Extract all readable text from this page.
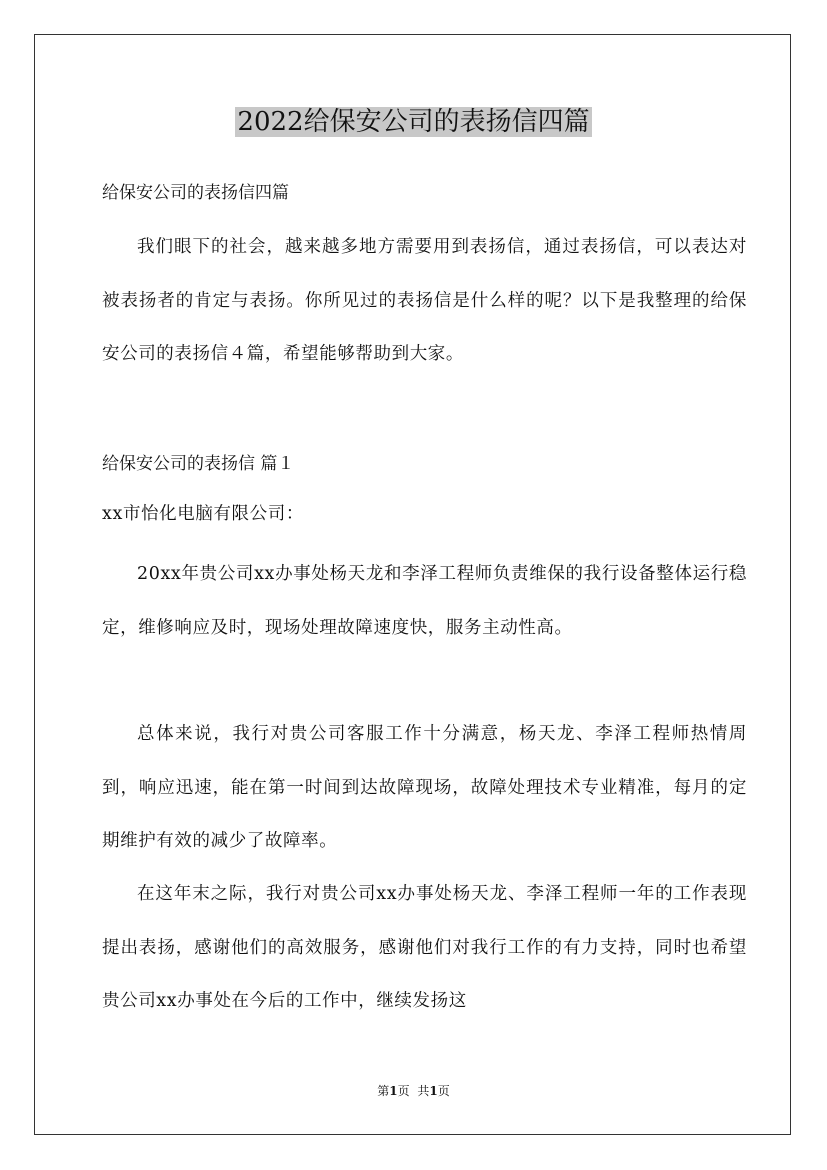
2022给保安公司的表扬信四篇
给保安公司的表扬信四篇
我们眼下的社会，越来越多地方需要用到表扬信，通过表扬信，可以表达对被表扬者的肯定与表扬。你所见过的表扬信是什么样的呢？以下是我整理的给保安公司的表扬信４篇，希望能够帮助到大家。
给保安公司的表扬信 篇１
xx市怡化电脑有限公司：
20xx年贵公司xx办事处杨天龙和李泽工程师负责维保的我行设备整体运行稳定，维修响应及时，现场处理故障速度快，服务主动性高。
总体来说，我行对贵公司客服工作十分满意，杨天龙、李泽工程师热情周到，响应迅速，能在第一时间到达故障现场，故障处理技术专业精准，每月的定期维护有效的减少了故障率。
在这年末之际，我行对贵公司xx办事处杨天龙、李泽工程师一年的工作表现提出表扬，感谢他们的高效服务，感谢他们对我行工作的有力支持，同时也希望贵公司xx办事处在今后的工作中，继续发扬这
第1页 共1页
